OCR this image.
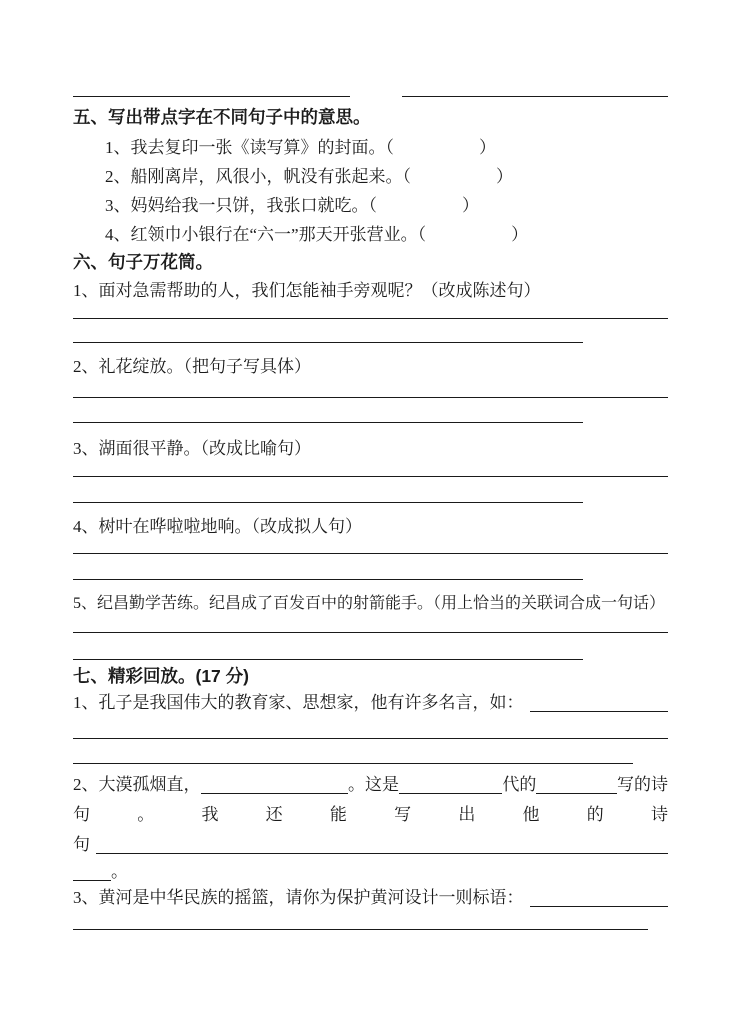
五、写出带点字在不同句子中的意思。
1、我去复印一张《读写算》的封面。（　　　　　）
2、船刚离岸，风很小，帆没有张起来。（　　　　　）
3、妈妈给我一只饼，我张口就吃。（　　　　　）
4、红领巾小银行在“六一”那天开张营业。（　　　　　）
六、句子万花筒。
1、面对急需帮助的人，我们怎能袖手旁观呢？（改成陈述句）
2、礼花绽放。（把句子写具体）
3、湖面很平静。（改成比喻句）
4、树叶在哗啦啦地响。（改成拟人句）
5、纪昌勤学苦练。纪昌成了百发百中的射箭能手。（用上恰当的关联词合成一句话）
七、精彩回放。(17 分)
1、孔子是我国伟大的教育家、思想家，他有许多名言，如：
2、大漠孤烟直，	。这是	代的	写的诗
句	。	我	还	能	写	出	他	的	诗
句
。
3、黄河是中华民族的摇篮，请你为保护黄河设计一则标语：
